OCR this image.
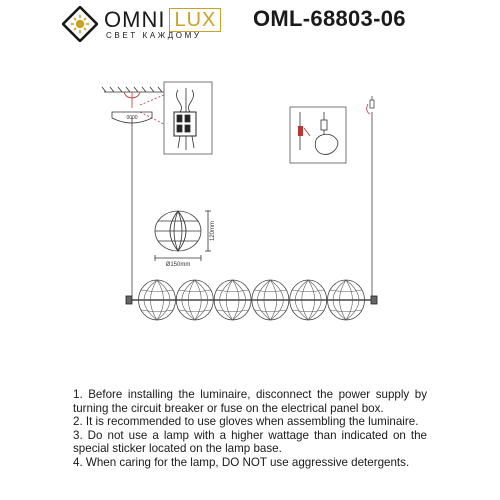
OMNI LUX
СВЕТ КАЖДОМУ
OML-68803-06
120mm
Ø150mm
0000

1. Before installing the luminaire, disconnect the power supply by turning the circuit breaker or fuse on the electrical panel box.

2. It is recommended to use gloves when assembling the luminaire.

3. Do not use a lamp with a higher wattage than indicated on the special sticker located on the lamp base.

4. When caring for the lamp, DO NOT use aggressive detergents.
